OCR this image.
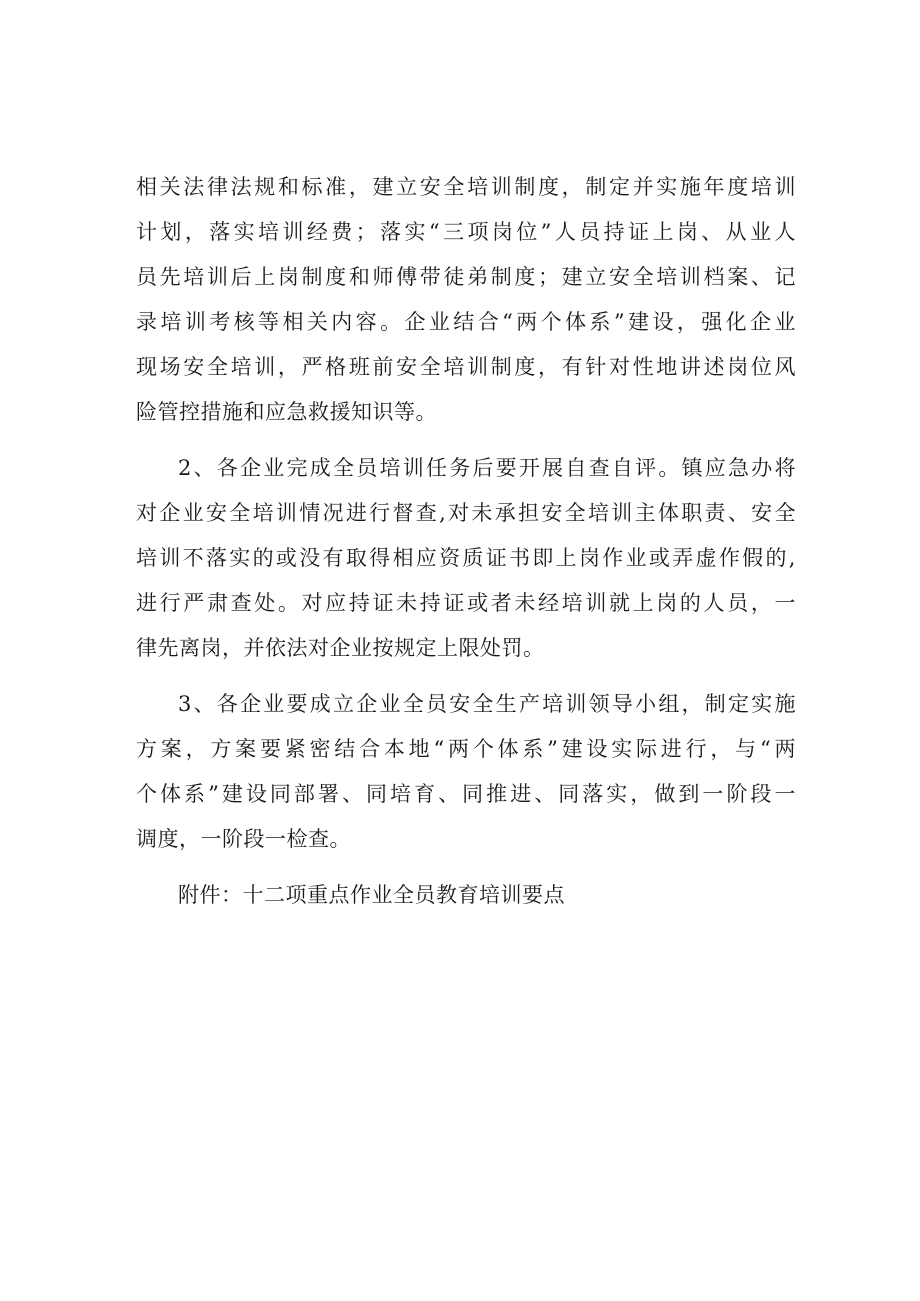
相关法律法规和标准，建立安全培训制度，制定并实施年度培训
计划，落实培训经费；落实“三项岗位”人员持证上岗、从业人
员先培训后上岗制度和师傅带徒弟制度；建立安全培训档案、记
录培训考核等相关内容。企业结合“两个体系”建设，强化企业
现场安全培训，严格班前安全培训制度，有针对性地讲述岗位风
险管控措施和应急救援知识等。
2、各企业完成全员培训任务后要开展自查自评。镇应急办将
对企业安全培训情况进行督查,对未承担安全培训主体职责、安全
培训不落实的或没有取得相应资质证书即上岗作业或弄虚作假的,
进行严肃查处。对应持证未持证或者未经培训就上岗的人员，一
律先离岗，并依法对企业按规定上限处罚。
3、各企业要成立企业全员安全生产培训领导小组，制定实施
方案，方案要紧密结合本地“两个体系”建设实际进行，与“两
个体系”建设同部署、同培育、同推进、同落实，做到一阶段一
调度，一阶段一检查。
附件：十二项重点作业全员教育培训要点
